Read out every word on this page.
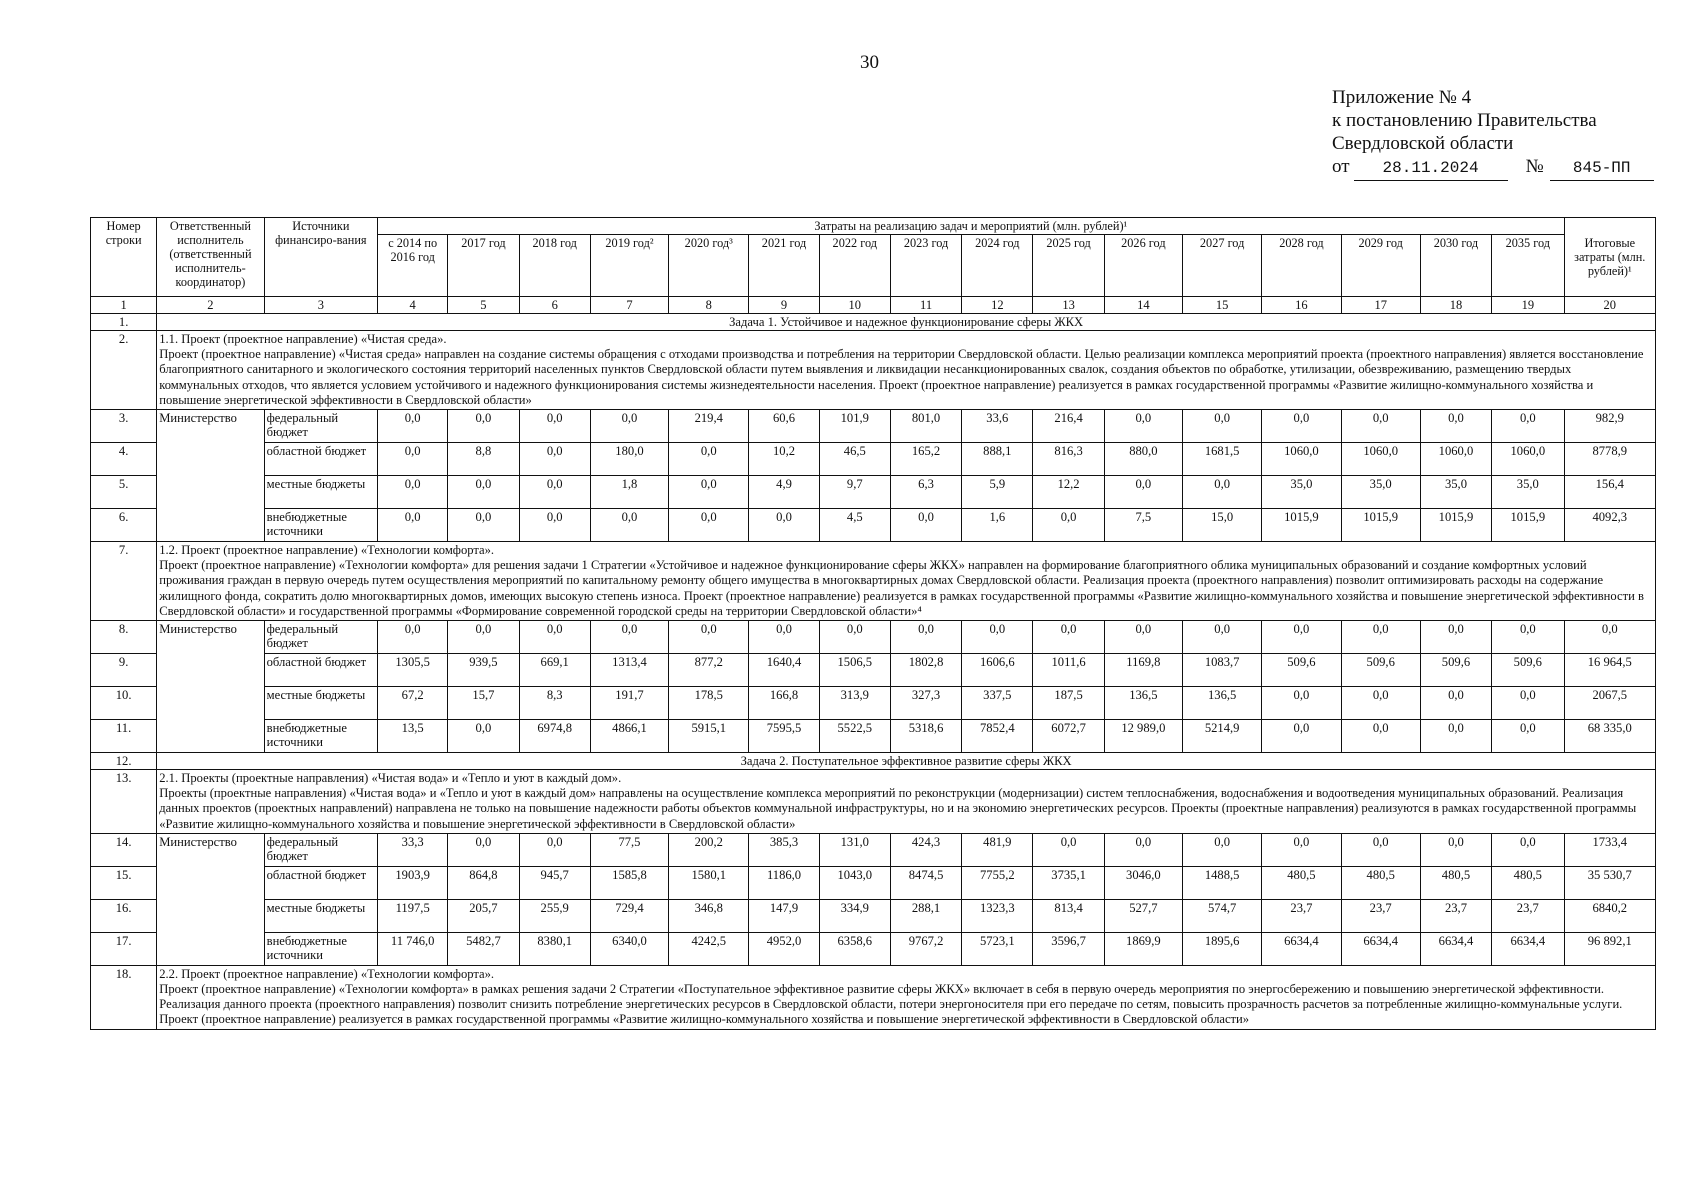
30
Приложение № 4
к постановлению Правительства
Свердловской области
от 28.11.2024 № 845-ПП
Номер строки	Ответственный исполнитель (ответственный исполнитель-координатор)	Источники финансиро-вания	Затраты на реализацию задач и мероприятий (млн. рублей)¹																Итоговые затраты (млн. рублей)¹
			с 2014 по 2016 год	2017 год	2018 год	2019 год²	2020 год³	2021 год	2022 год	2023 год	2024 год	2025 год	2026 год	2027 год	2028 год	2029 год	2030 год	2035 год	
1	2	3	4	5	6	7	8	9	10	11	12	13	14	15	16	17	18	19	20
1.	Задача 1. Устойчивое и надежное функционирование сферы ЖКХ																		
2.	1.1. Проект (проектное направление) «Чистая среда».
Проект (проектное направление) «Чистая среда» направлен на создание системы обращения с отходами производства и потребления на территории Свердловской области. Целью реализации комплекса мероприятий проекта (проектного направления) является восстановление благоприятного санитарного и экологического состояния территорий населенных пунктов Свердловской области путем выявления и ликвидации несанкционированных свалок, создания объектов по обработке, утилизации, обезвреживанию, размещению твердых коммунальных отходов, что является условием устойчивого и надежного функционирования системы жизнедеятельности населения. Проект (проектное направление) реализуется в рамках государственной программы «Развитие жилищно-коммунального хозяйства и повышение энергетической эффективности в Свердловской области»																		

3.	Министерство	федеральный бюджет	0,0	0,0	0,0	0,0	219,4	60,6	101,9	801,0	33,6	216,4	0,0	0,0	0,0	0,0	0,0	0,0	982,9
4.		областной бюджет	0,0	8,8	0,0	180,0	0,0	10,2	46,5	165,2	888,1	816,3	880,0	1681,5	1060,0	1060,0	1060,0	1060,0	8778,9
5.		местные бюджеты	0,0	0,0	0,0	1,8	0,0	4,9	9,7	6,3	5,9	12,2	0,0	0,0	35,0	35,0	35,0	35,0	156,4
6.		внебюджетные источники	0,0	0,0	0,0	0,0	0,0	0,0	4,5	0,0	1,6	0,0	7,5	15,0	1015,9	1015,9	1015,9	1015,9	4092,3
7.	1.2. Проект (проектное направление) «Технологии комфорта».
Проект (проектное направление) «Технологии комфорта» для решения задачи 1 Стратегии «Устойчивое и надежное функционирование сферы ЖКХ» направлен на формирование благоприятного облика муниципальных образований и создание комфортных условий проживания граждан в первую очередь путем осуществления мероприятий по капитальному ремонту общего имущества в многоквартирных домах Свердловской области. Реализация проекта (проектного направления) позволит оптимизировать расходы на содержание жилищного фонда, сократить долю многоквартирных домов, имеющих высокую степень износа. Проект (проектное направление) реализуется в рамках государственной программы «Развитие жилищно-коммунального хозяйства и повышение энергетической эффективности в Свердловской области» и государственной программы «Формирование современной городской среды на территории Свердловской области»⁴																		

8.	Министерство	федеральный бюджет	0,0	0,0	0,0	0,0	0,0	0,0	0,0	0,0	0,0	0,0	0,0	0,0	0,0	0,0	0,0	0,0	0,0
9.		областной бюджет	1305,5	939,5	669,1	1313,4	877,2	1640,4	1506,5	1802,8	1606,6	1011,6	1169,8	1083,7	509,6	509,6	509,6	509,6	16 964,5
10.		местные бюджеты	67,2	15,7	8,3	191,7	178,5	166,8	313,9	327,3	337,5	187,5	136,5	136,5	0,0	0,0	0,0	0,0	2067,5
11.		внебюджетные источники	13,5	0,0	6974,8	4866,1	5915,1	7595,5	5522,5	5318,6	7852,4	6072,7	12 989,0	5214,9	0,0	0,0	0,0	0,0	68 335,0
12.	Задача 2. Поступательное эффективное развитие сферы ЖКХ																		
13.	2.1. Проекты (проектные направления) «Чистая вода» и «Тепло и уют в каждый дом».
Проекты (проектные направления) «Чистая вода» и «Тепло и уют в каждый дом» направлены на осуществление комплекса мероприятий по реконструкции (модернизации) систем теплоснабжения, водоснабжения и водоотведения муниципальных образований. Реализация данных проектов (проектных направлений) направлена не только на повышение надежности работы объектов коммунальной инфраструктуры, но и на экономию энергетических ресурсов. Проекты (проектные направления) реализуются в рамках государственной программы «Развитие жилищно-коммунального хозяйства и повышение энергетической эффективности в Свердловской области»																		

14.	Министерство	федеральный бюджет	33,3	0,0	0,0	77,5	200,2	385,3	131,0	424,3	481,9	0,0	0,0	0,0	0,0	0,0	0,0	0,0	1733,4
15.		областной бюджет	1903,9	864,8	945,7	1585,8	1580,1	1186,0	1043,0	8474,5	7755,2	3735,1	3046,0	1488,5	480,5	480,5	480,5	480,5	35 530,7
16.		местные бюджеты	1197,5	205,7	255,9	729,4	346,8	147,9	334,9	288,1	1323,3	813,4	527,7	574,7	23,7	23,7	23,7	23,7	6840,2
17.		внебюджетные источники	11 746,0	5482,7	8380,1	6340,0	4242,5	4952,0	6358,6	9767,2	5723,1	3596,7	1869,9	1895,6	6634,4	6634,4	6634,4	6634,4	96 892,1
18.	2.2. Проект (проектное направление) «Технологии комфорта».
Проект (проектное направление) «Технологии комфорта» в рамках решения задачи 2 Стратегии «Поступательное эффективное развитие сферы ЖКХ» включает в себя в первую очередь мероприятия по энергосбережению и повышению энергетической эффективности. Реализация данного проекта (проектного направления) позволит снизить потребление энергетических ресурсов в Свердловской области, потери энергоносителя при его передаче по сетям, повысить прозрачность расчетов за потребленные жилищно-коммунальные услуги. Проект (проектное направление) реализуется в рамках государственной программы «Развитие жилищно-коммунального хозяйства и повышение энергетической эффективности в Свердловской области»																		
